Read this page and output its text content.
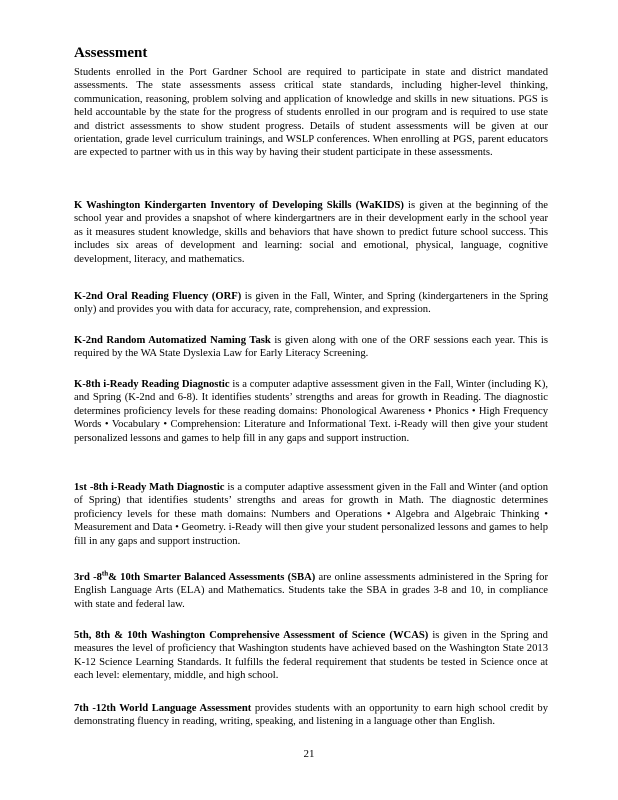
Assessment

Students enrolled in the Port Gardner School are required to participate in state and district mandated assessments. The state assessments assess critical state standards, including higher-level thinking, communication, reasoning, problem solving and application of knowledge and skills in new situations. PGS is held accountable by the state for the progress of students enrolled in our program and is required to use state and district assessments to show student progress. Details of student assessments will be given at our orientation, grade level curriculum trainings, and WSLP conferences. When enrolling at PGS, parent educators are expected to partner with us in this way by having their student participate in these assessments.

K Washington Kindergarten Inventory of Developing Skills (WaKIDS) is given at the beginning of the school year and provides a snapshot of where kindergartners are in their development early in the school year as it measures student knowledge, skills and behaviors that have shown to predict future school success. This includes six areas of development and learning: social and emotional, physical, language, cognitive development, literacy, and mathematics.

K-2nd Oral Reading Fluency (ORF) is given in the Fall, Winter, and Spring (kindergarteners in the Spring only) and provides you with data for accuracy, rate, comprehension, and expression.

K-2nd Random Automatized Naming Task is given along with one of the ORF sessions each year. This is required by the WA State Dyslexia Law for Early Literacy Screening.

K-8th i-Ready Reading Diagnostic is a computer adaptive assessment given in the Fall, Winter (including K), and Spring (K-2nd and 6-8). It identifies students’ strengths and areas for growth in Reading. The diagnostic determines proficiency levels for these reading domains: Phonological Awareness • Phonics • High Frequency Words • Vocabulary • Comprehension: Literature and Informational Text. i-Ready will then give your student personalized lessons and games to help fill in any gaps and support instruction.

1st -8th i-Ready Math Diagnostic is a computer adaptive assessment given in the Fall and Winter (and option of Spring) that identifies students’ strengths and areas for growth in Math. The diagnostic determines proficiency levels for these math domains: Numbers and Operations • Algebra and Algebraic Thinking • Measurement and Data • Geometry. i-Ready will then give your student personalized lessons and games to help fill in any gaps and support instruction.

3rd -8th& 10th Smarter Balanced Assessments (SBA) are online assessments administered in the Spring for English Language Arts (ELA) and Mathematics. Students take the SBA in grades 3-8 and 10, in compliance with state and federal law.

5th, 8th & 10th Washington Comprehensive Assessment of Science (WCAS) is given in the Spring and measures the level of proficiency that Washington students have achieved based on the Washington State 2013 K-12 Science Learning Standards. It fulfills the federal requirement that students be tested in Science once at each level: elementary, middle, and high school.

7th -12th World Language Assessment provides students with an opportunity to earn high school credit by demonstrating fluency in reading, writing, speaking, and listening in a language other than English.

21
